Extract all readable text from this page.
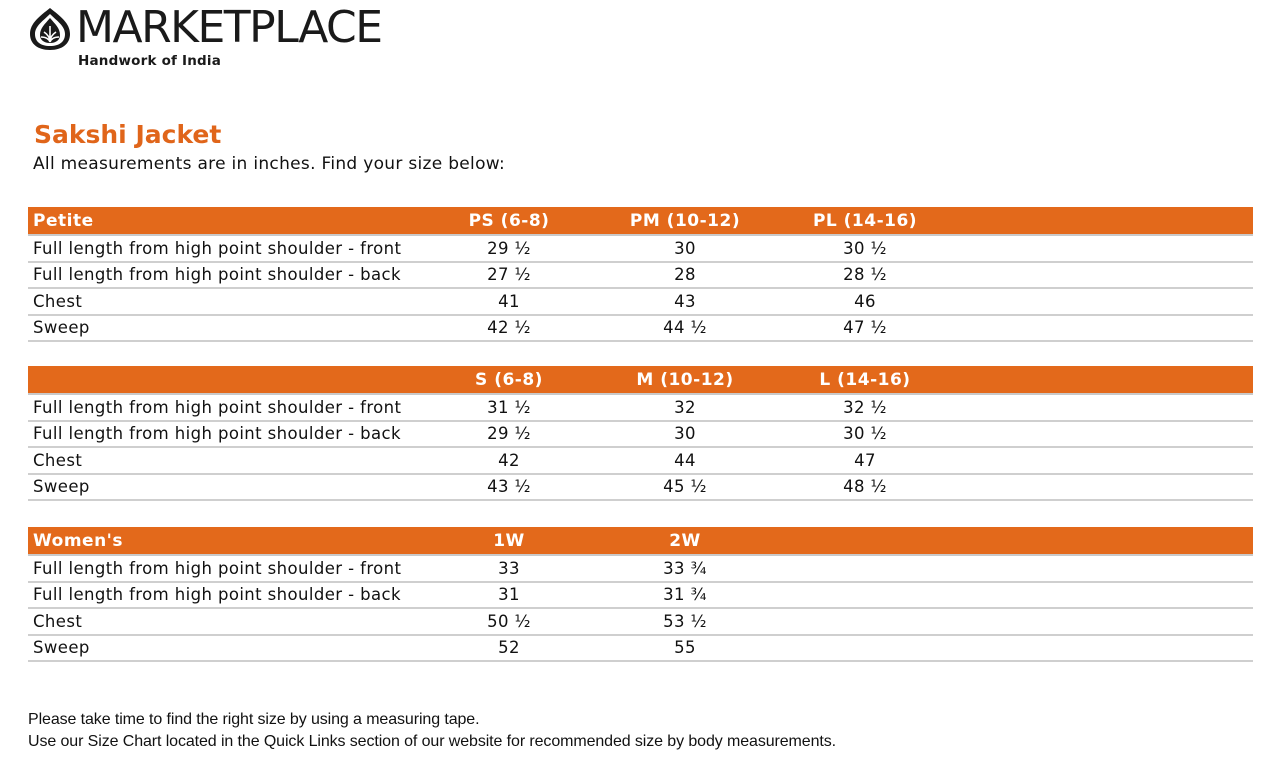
MARKETPLACE
Handwork of India
Sakshi Jacket

All measurements are in inches. Find your size below:

Petite	PS (6-8)	PM (10-12)	PL (14-16)	
Full length from high point shoulder - front	29 ½	30	30 ½	
Full length from high point shoulder - back	27 ½	28	28 ½	
Chest	41	43	46	
Sweep	42 ½	44 ½	47 ½	
	S (6-8)	M (10-12)	L (14-16)	
Full length from high point shoulder - front	31 ½	32	32 ½	
Full length from high point shoulder - back	29 ½	30	30 ½	
Chest	42	44	47	
Sweep	43 ½	45 ½	48 ½	
Women's	1W	2W		
Full length from high point shoulder - front	33	33 ¾		
Full length from high point shoulder - back	31	31 ¾		
Chest	50 ½	53 ½		
Sweep	52	55		

Please take time to find the right size by using a measuring tape.

Use our Size Chart located in the Quick Links section of our website for recommended size by body measurements.
